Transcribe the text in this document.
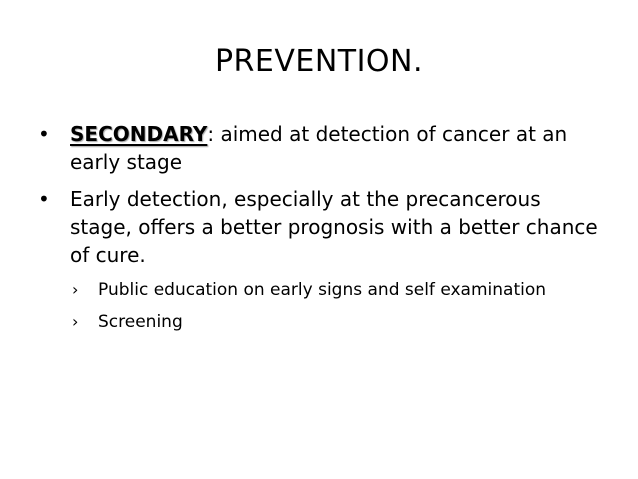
PREVENTION.
•	SECONDARY: aimed at detection of cancer at an early stage
•	Early detection, especially at the precancerous stage, offers a better prognosis with a better chance of cure.
›	Public education on early signs and self examination
›	Screening
